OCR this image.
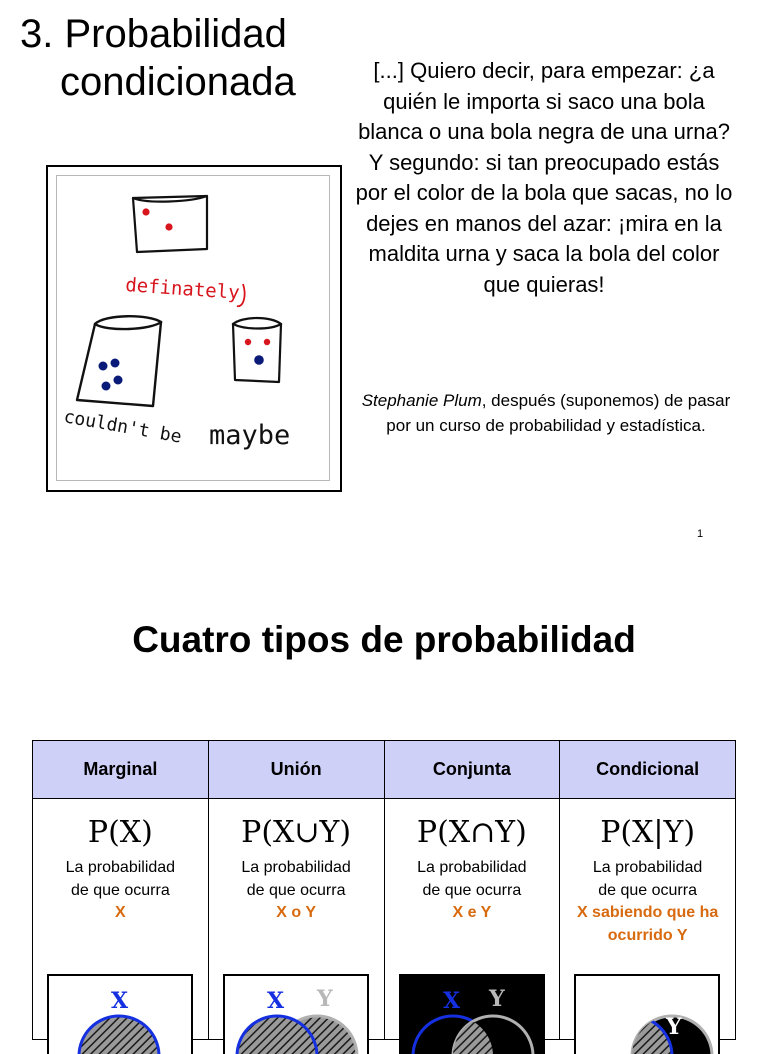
3. Probabilidad
condicionada
definately
couldn't be maybe
[...] Quiero decir, para empezar: ¿a quién le importa si saco una bola blanca o una bola negra de una urna? Y segundo: si tan preocupado estás por el color de la bola que sacas, no lo dejes en manos del azar: ¡mira en la maldita urna y saca la bola del color que quieras!
Stephanie Plum, después (suponemos) de pasar por un curso de probabilidad y estadística.
1
Cuatro tipos de probabilidad
Marginal
P(X)
La probabilidad
de que ocurra
X
X
Unión
P(X∪Y)
La probabilidad
de que ocurra
X o Y
X Y
Conjunta
P(X∩Y)
La probabilidad
de que ocurra
X e Y
X Y
Condicional
P(X|Y)
La probabilidad
de que ocurra
X sabiendo que ha ocurrido Y
Y
